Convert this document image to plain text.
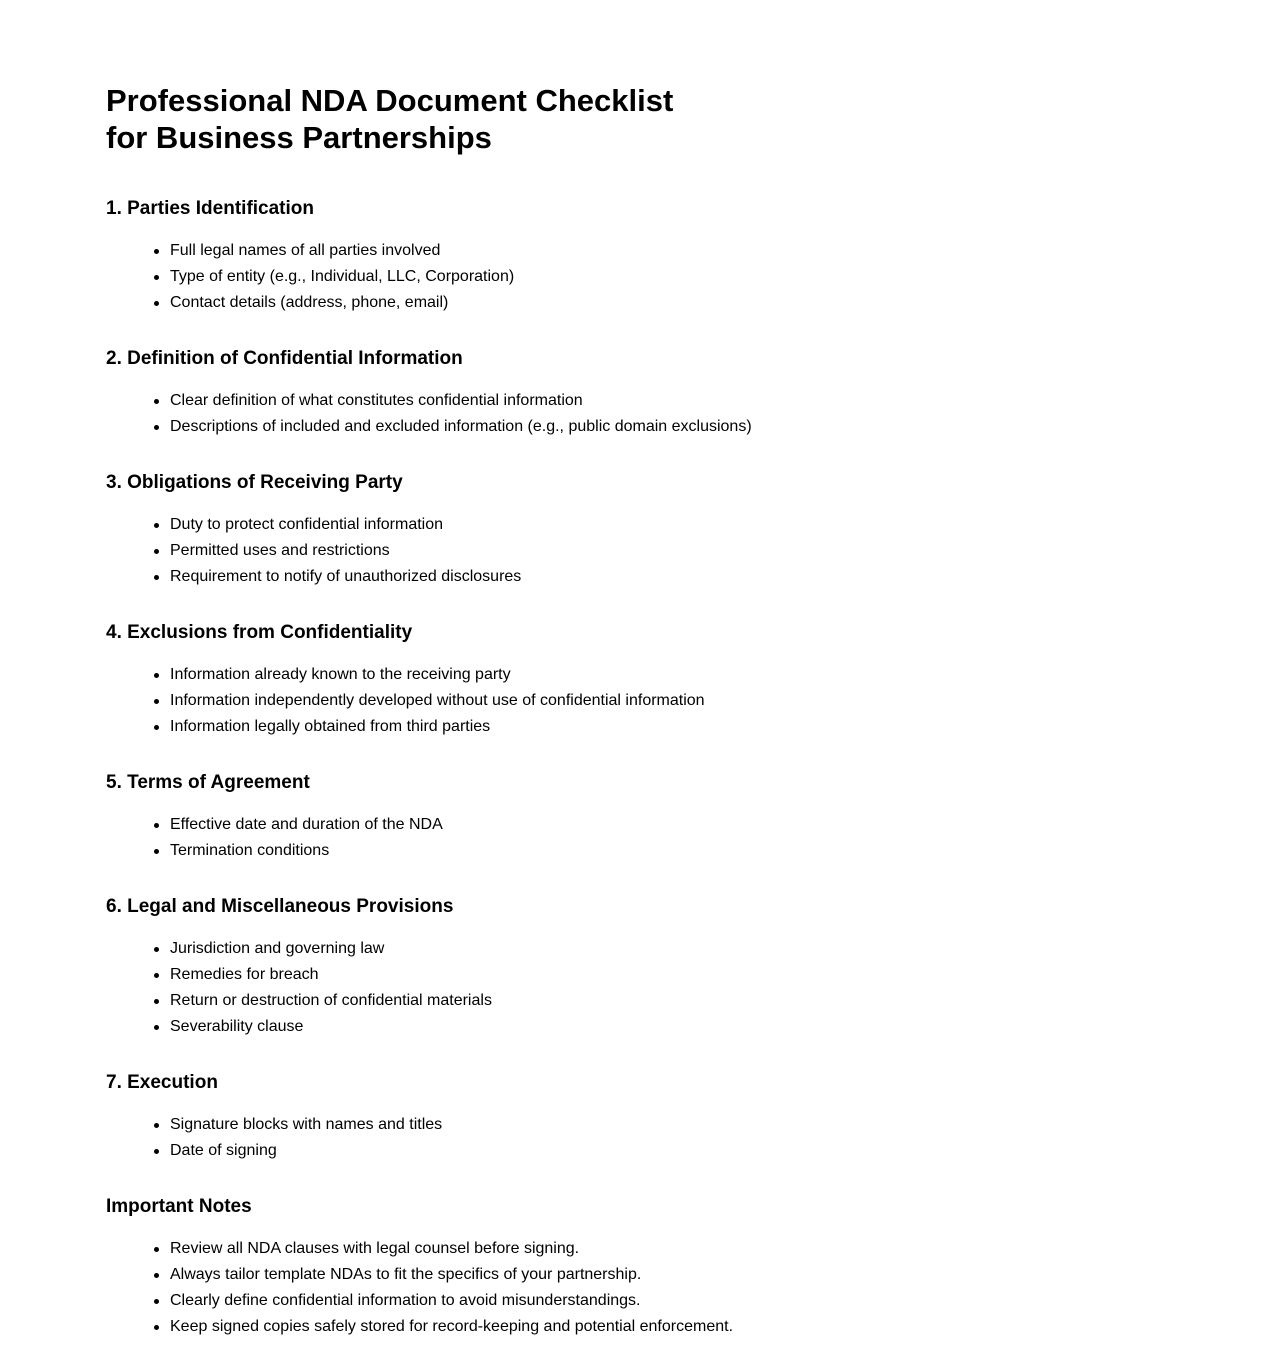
Professional NDA Document Checklist
for Business Partnerships
1. Parties Identification
Full legal names of all parties involved
Type of entity (e.g., Individual, LLC, Corporation)
Contact details (address, phone, email)
2. Definition of Confidential Information
Clear definition of what constitutes confidential information
Descriptions of included and excluded information (e.g., public domain exclusions)
3. Obligations of Receiving Party
Duty to protect confidential information
Permitted uses and restrictions
Requirement to notify of unauthorized disclosures
4. Exclusions from Confidentiality
Information already known to the receiving party
Information independently developed without use of confidential information
Information legally obtained from third parties
5. Terms of Agreement
Effective date and duration of the NDA
Termination conditions
6. Legal and Miscellaneous Provisions
Jurisdiction and governing law
Remedies for breach
Return or destruction of confidential materials
Severability clause
7. Execution
Signature blocks with names and titles
Date of signing
Important Notes
Review all NDA clauses with legal counsel before signing.
Always tailor template NDAs to fit the specifics of your partnership.
Clearly define confidential information to avoid misunderstandings.
Keep signed copies safely stored for record-keeping and potential enforcement.
